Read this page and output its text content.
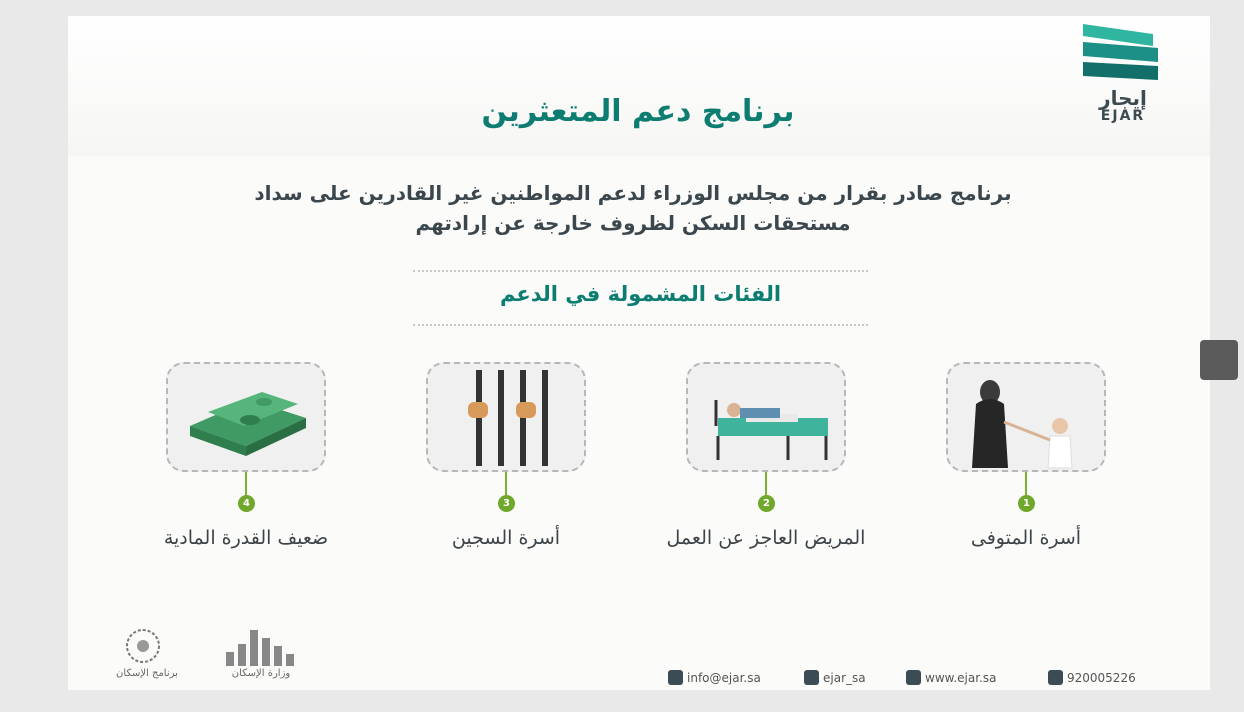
إيجار
EJAR
برنامج دعم المتعثرين
برنامج صادر بقرار من مجلس الوزراء لدعم المواطنين غير القادرين على سداد مستحقات السكن لظروف خارجة عن إرادتهم
الفئات المشمولة في الدعم
1
أسرة المتوفى
2
المريض العاجز عن العمل
3
أسرة السجين
4
ضعيف القدرة المادية
برنامج الإسكان	وزارة الإسكان	info@ejar.sa	ejar_sa	www.ejar.sa	920005226
